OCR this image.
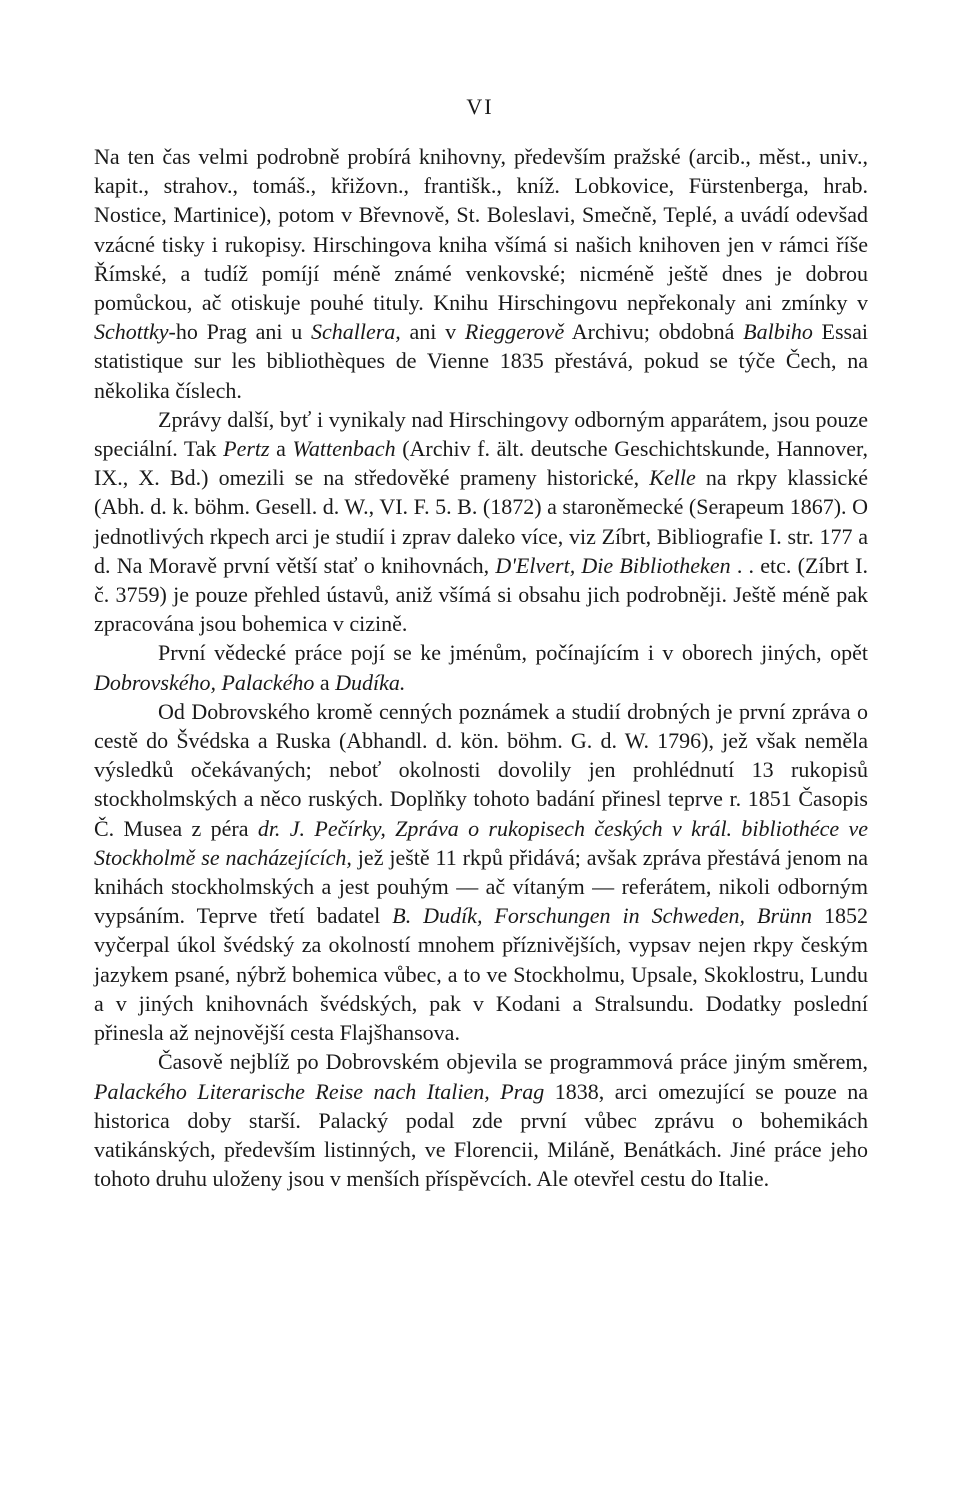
VI

Na ten čas velmi podrobně probírá knihovny, především pražské (arcib., měst., univ., kapit., strahov., tomáš., křižovn., františk., kníž. Lobkovice, Fürstenberga, hrab. Nostice, Martinice), potom v Břevnově, St. Boleslavi, Smečně, Teplé, a uvádí odevšad vzácné tisky i rukopisy. Hirschingova kniha všímá si našich knihoven jen v rámci říše Římské, a tudíž pomíjí méně známé venkovské; nicméně ještě dnes je dobrou pomůckou, ač otiskuje pouhé tituly. Knihu Hirschingovu nepřekonaly ani zmínky v Schottky-ho Prag ani u Schallera, ani v Rieggerově Archivu; obdobná Balbiho Essai statistique sur les bibliothèques de Vienne 1835 přestává, pokud se týče Čech, na několika číslech.

Zprávy další, byť i vynikaly nad Hirschingovy odborným apparátem, jsou pouze speciální. Tak Pertz a Wattenbach (Archiv f. ält. deutsche Geschichtskunde, Hannover, IX., X. Bd.) omezili se na středověké prameny historické, Kelle na rkpy klassické (Abh. d. k. böhm. Gesell. d. W., VI. F. 5. B. (1872) a staroněmecké (Serapeum 1867). O jednotlivých rkpech arci je studií i zprav daleko více, viz Zíbrt, Bibliografie I. str. 177 a d. Na Moravě první větší stať o knihovnách, D'Elvert, Die Bibliotheken . . etc. (Zíbrt I. č. 3759) je pouze přehled ústavů, aniž všímá si obsahu jich podrobněji. Ještě méně pak zpracována jsou bohemica v cizině.

První vědecké práce pojí se ke jménům, počínajícím i v oborech jiných, opět Dobrovského, Palackého a Dudíka.

Od Dobrovského kromě cenných poznámek a studií drobných je první zpráva o cestě do Švédska a Ruska (Abhandl. d. kön. böhm. G. d. W. 1796), jež však neměla výsledků očekávaných; neboť okolnosti dovolily jen prohlédnutí 13 rukopisů stockholmských a něco ruských. Doplňky tohoto badání přinesl teprve r. 1851 Časopis Č. Musea z péra dr. J. Pečírky, Zpráva o rukopisech českých v král. bibliothéce ve Stockholmě se nacházejících, jež ještě 11 rkpů přidává; avšak zpráva přestává jenom na knihách stockholmských a jest pouhým — ač vítaným — referátem, nikoli odborným vypsáním. Teprve třetí badatel B. Dudík, Forschungen in Schweden, Brünn 1852 vyčerpal úkol švédský za okolností mnohem příznivějších, vypsav nejen rkpy českým jazykem psané, nýbrž bohemica vůbec, a to ve Stockholmu, Upsale, Skoklostru, Lundu a v jiných knihovnách švédských, pak v Kodani a Stralsundu. Dodatky poslední přinesla až nejnovější cesta Flajšhansova.

Časově nejblíž po Dobrovském objevila se programmová práce jiným směrem, Palackého Literarische Reise nach Italien, Prag 1838, arci omezující se pouze na historica doby starší. Palacký podal zde první vůbec zprávu o bohemikách vatikánských, především listinných, ve Florencii, Miláně, Benátkách. Jiné práce jeho tohoto druhu uloženy jsou v menších příspěvcích. Ale otevřel cestu do Italie.
